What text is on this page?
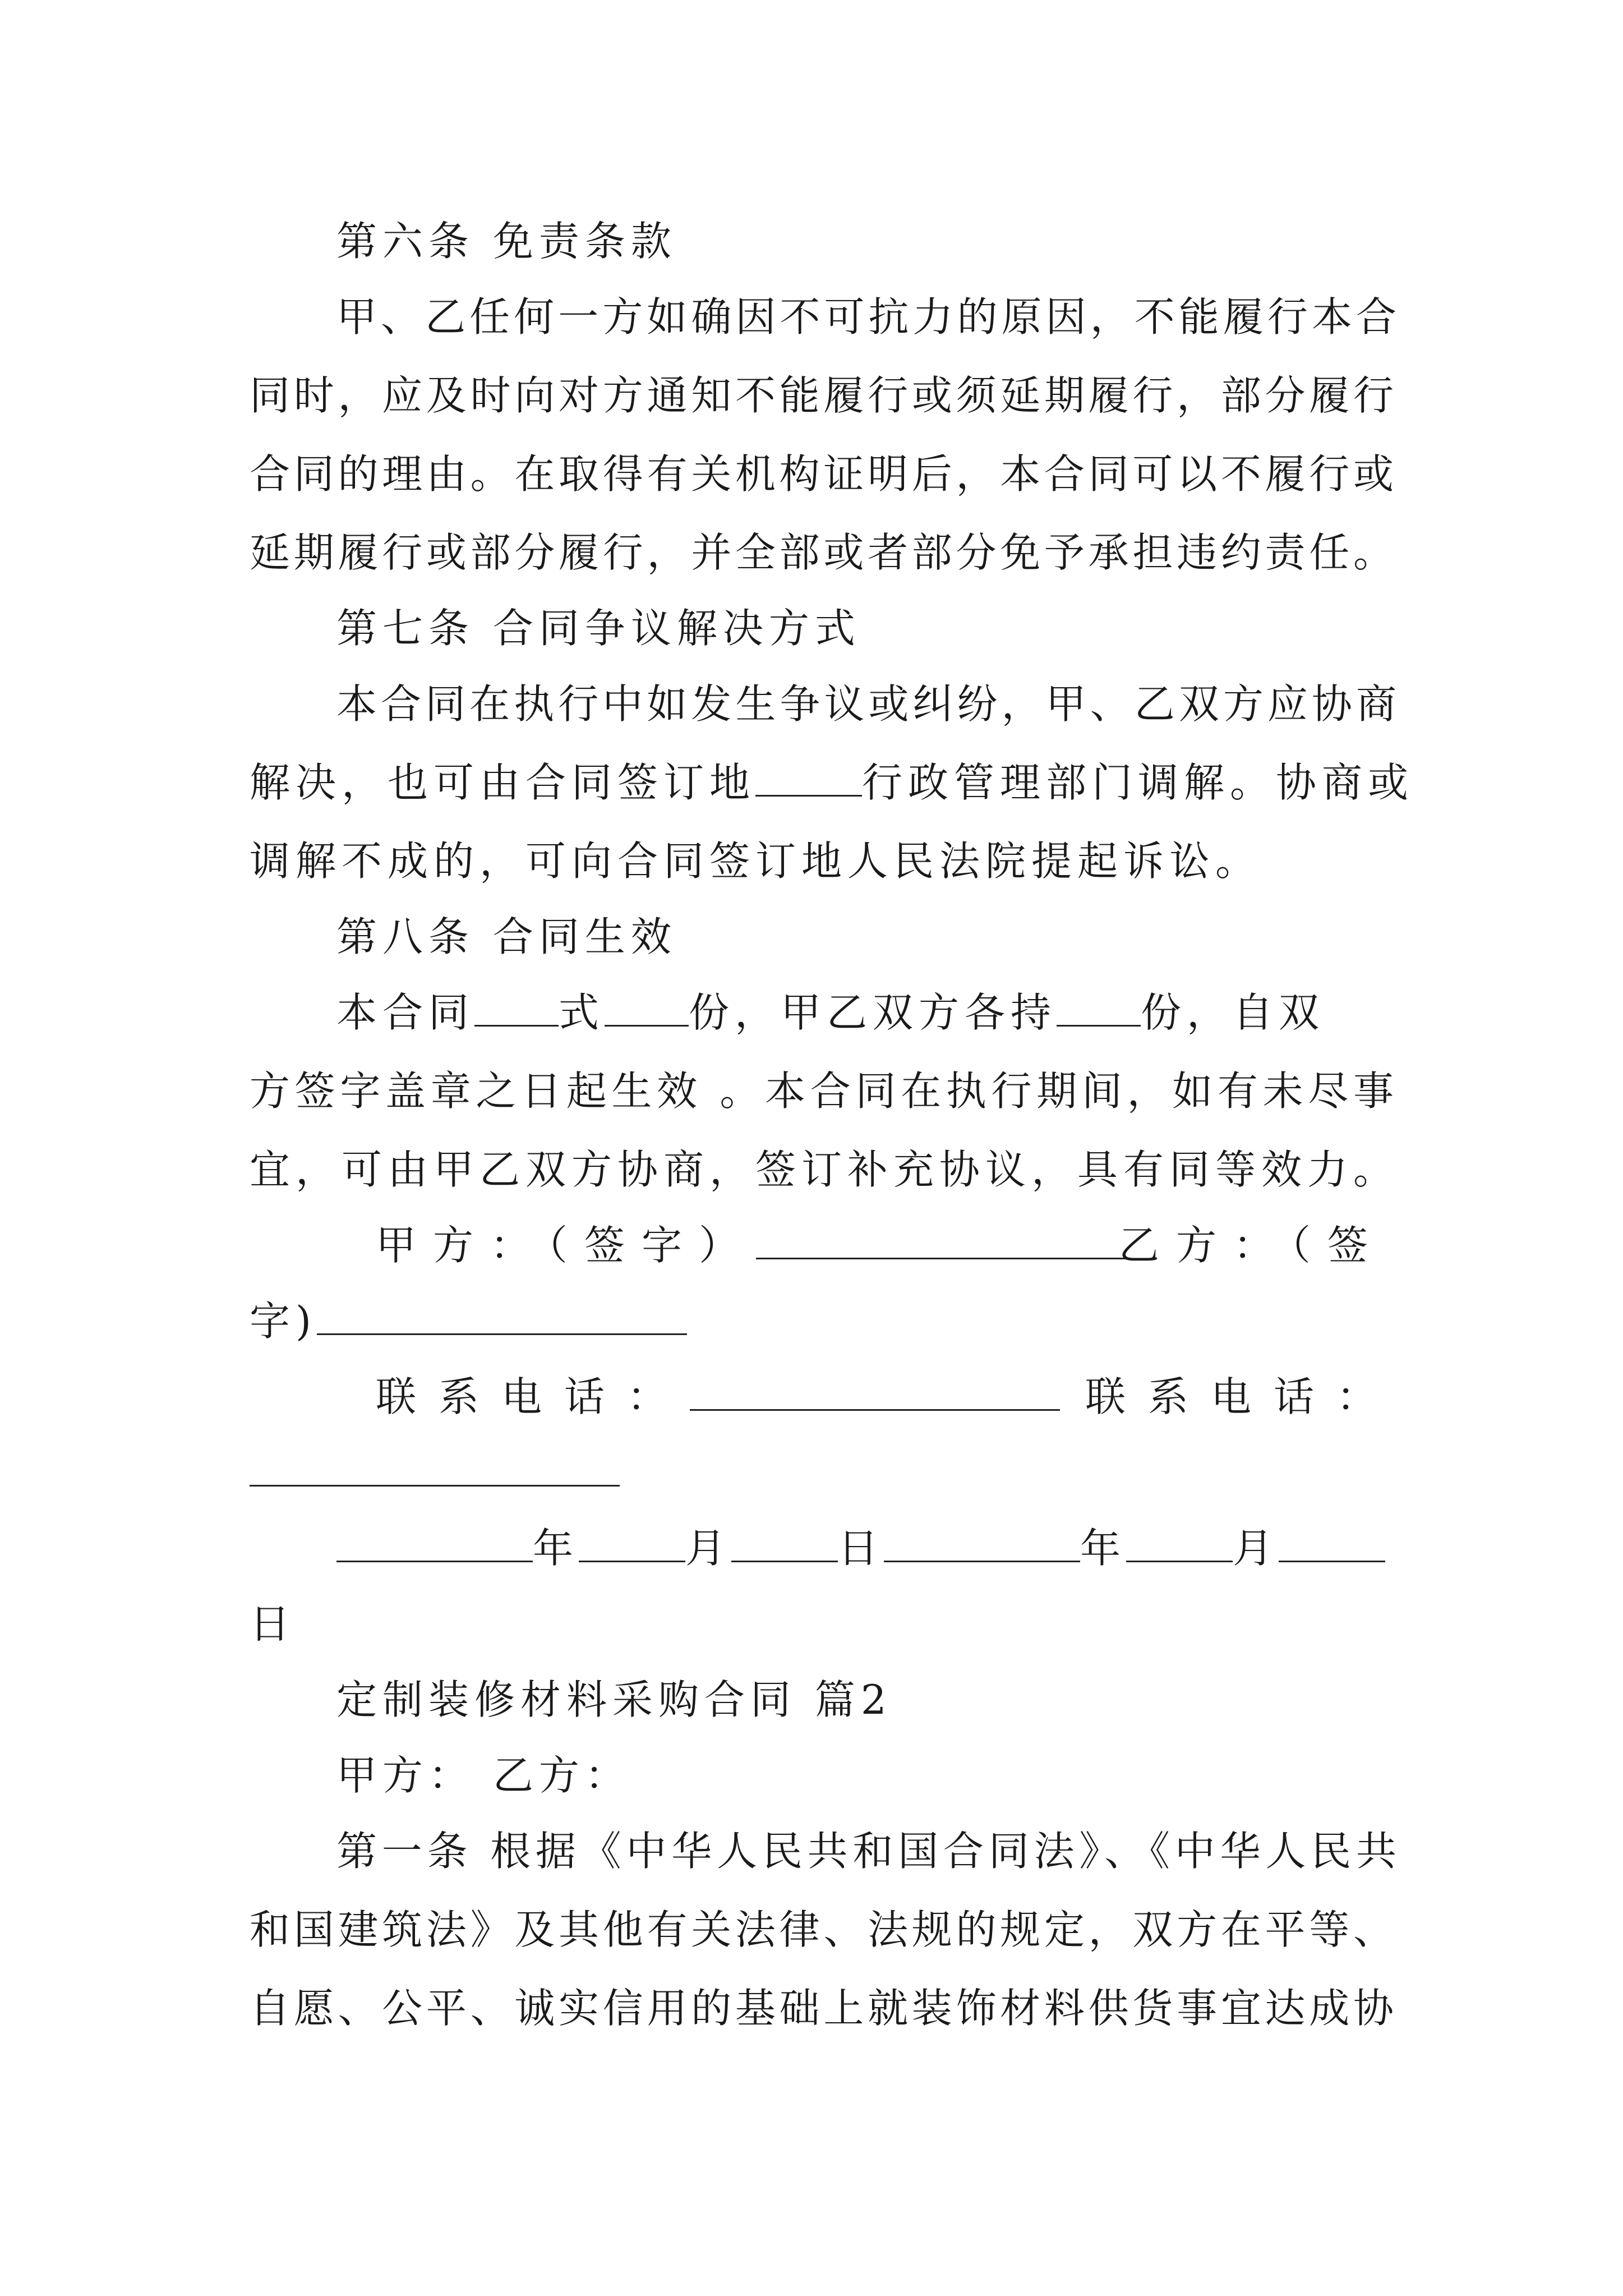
第六条 免责条款
甲、乙任何一方如确因不可抗力的原因，不能履行本合
同时，应及时向对方通知不能履行或须延期履行，部分履行
合同的理由。在取得有关机构证明后，本合同可以不履行或
延期履行或部分履行，并全部或者部分免予承担违约责任。
第七条 合同争议解决方式
本合同在执行中如发生争议或纠纷，甲、乙双方应协商
解决，也可由合同签订地	行政管理部门调解。协商或
调解不成的，可向合同签订地人民法院提起诉讼。
第八条 合同生效
本合同 式 份，甲乙双方各持 份，自双
方签字盖章之日起生效 。本合同在执行期间，如有未尽事
宜，可由甲乙双方协商，签订补充协议，具有同等效力。
甲方：（签字）	乙方：（签
字)
联系电话：	联系电话：
年	月	日	年	月
日
定制装修材料采购合同 篇2
甲方： 乙方：
第一条 根据《中华人民共和国合同法》、《中华人民共
和国建筑法》及其他有关法律、法规的规定，双方在平等、
自愿、公平、诚实信用的基础上就装饰材料供货事宜达成协
